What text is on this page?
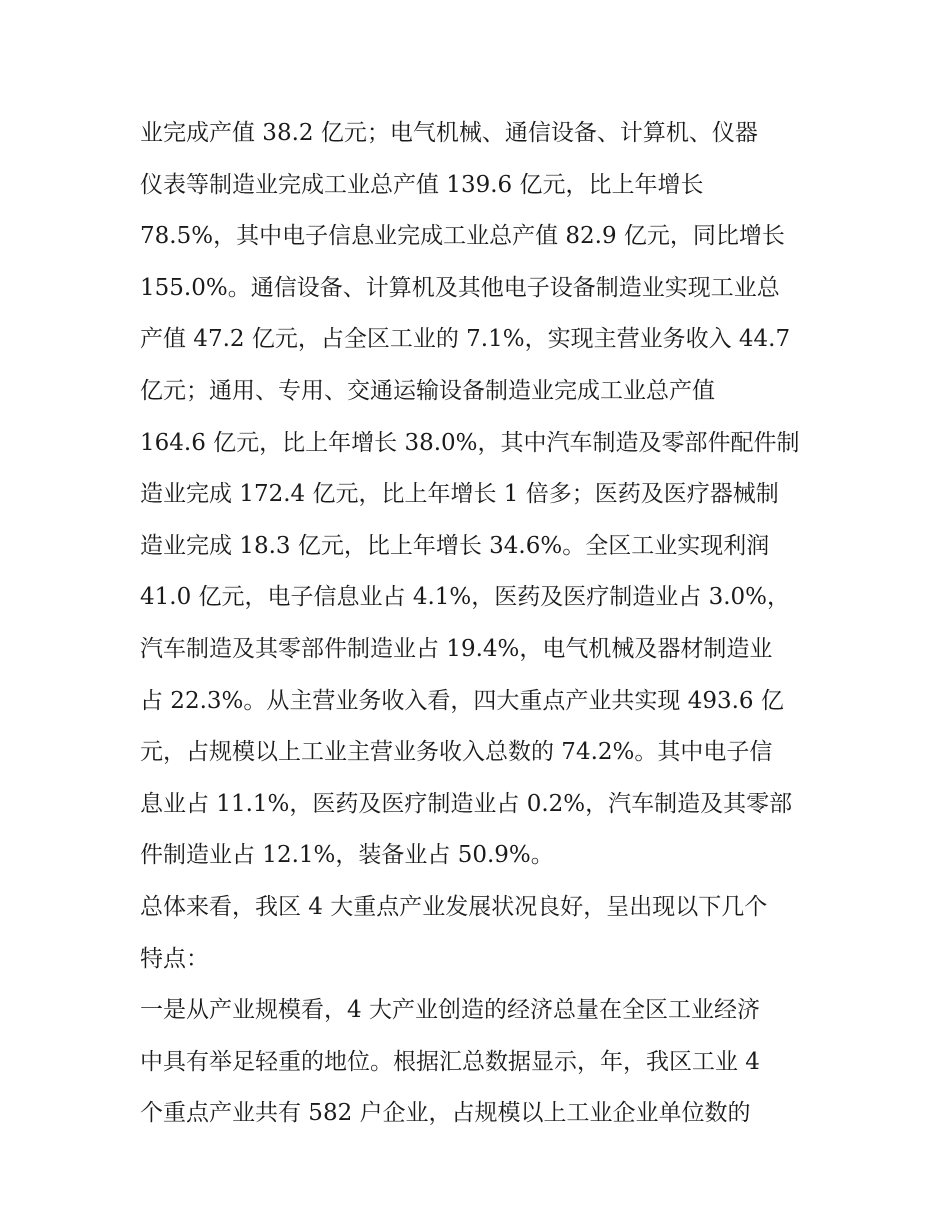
业完成产值 38.2 亿元；电气机械、通信设备、计算机、仪器
仪表等制造业完成工业总产值 139.6 亿元，比上年增长
78.5%，其中电子信息业完成工业总产值 82.9 亿元，同比增长
155.0%。通信设备、计算机及其他电子设备制造业实现工业总
产值 47.2 亿元，占全区工业的 7.1%，实现主营业务收入 44.7
亿元；通用、专用、交通运输设备制造业完成工业总产值
164.6 亿元，比上年增长 38.0%，其中汽车制造及零部件配件制
造业完成 172.4 亿元，比上年增长 1 倍多；医药及医疗器械制
造业完成 18.3 亿元，比上年增长 34.6%。全区工业实现利润
41.0 亿元，电子信息业占 4.1%，医药及医疗制造业占 3.0%，
汽车制造及其零部件制造业占 19.4%，电气机械及器材制造业
占 22.3%。从主营业务收入看，四大重点产业共实现 493.6 亿
元，占规模以上工业主营业务收入总数的 74.2%。其中电子信
息业占 11.1%，医药及医疗制造业占 0.2%，汽车制造及其零部
件制造业占 12.1%，装备业占 50.9%。
总体来看，我区 4 大重点产业发展状况良好，呈出现以下几个
特点：
一是从产业规模看，4 大产业创造的经济总量在全区工业经济
中具有举足轻重的地位。根据汇总数据显示，年，我区工业 4
个重点产业共有 582 户企业，占规模以上工业企业单位数的
